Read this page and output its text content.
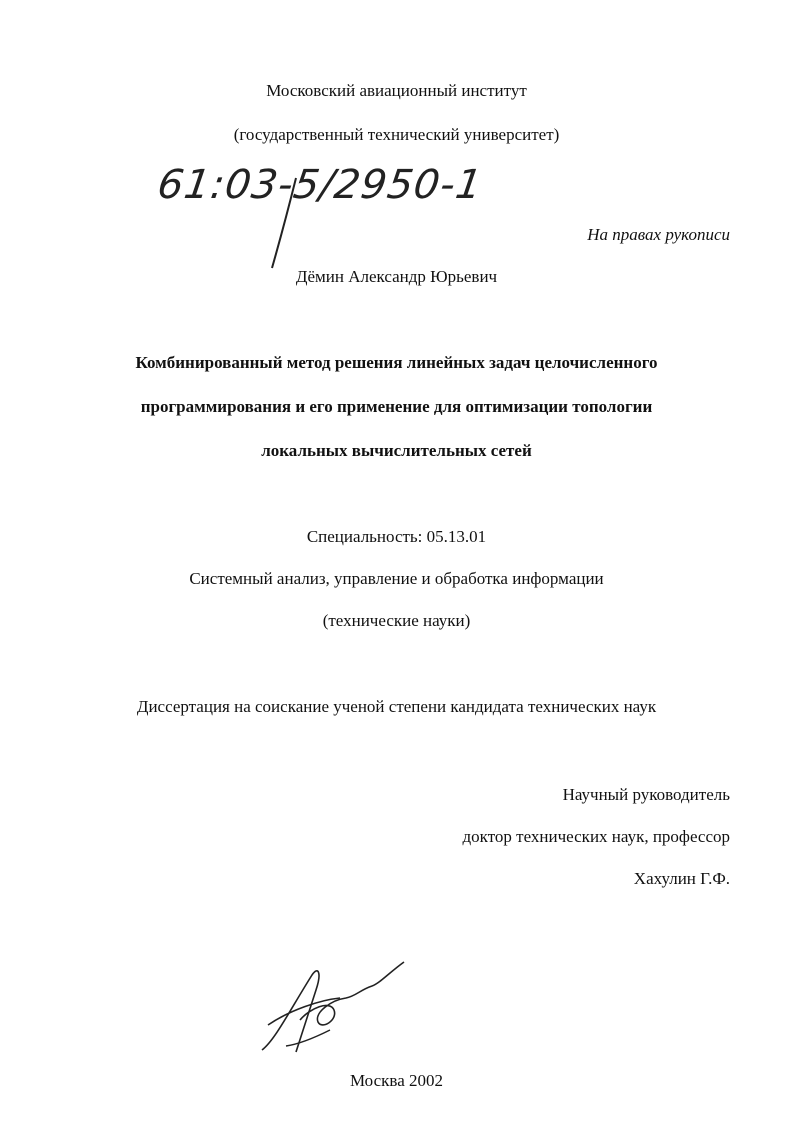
Московский авиационный институт
(государственный технический университет)
61:03-5/2950-1
На правах рукописи
Дёмин Александр Юрьевич
Комбинированный метод решения линейных задач целочисленного
программирования и его применение для оптимизации топологии
локальных вычислительных сетей
Специальность: 05.13.01
Системный анализ, управление и обработка информации
(технические науки)
Диссертация на соискание ученой степени кандидата технических наук
Научный руководитель
доктор технических наук, профессор
Хахулин Г.Ф.
Москва 2002
